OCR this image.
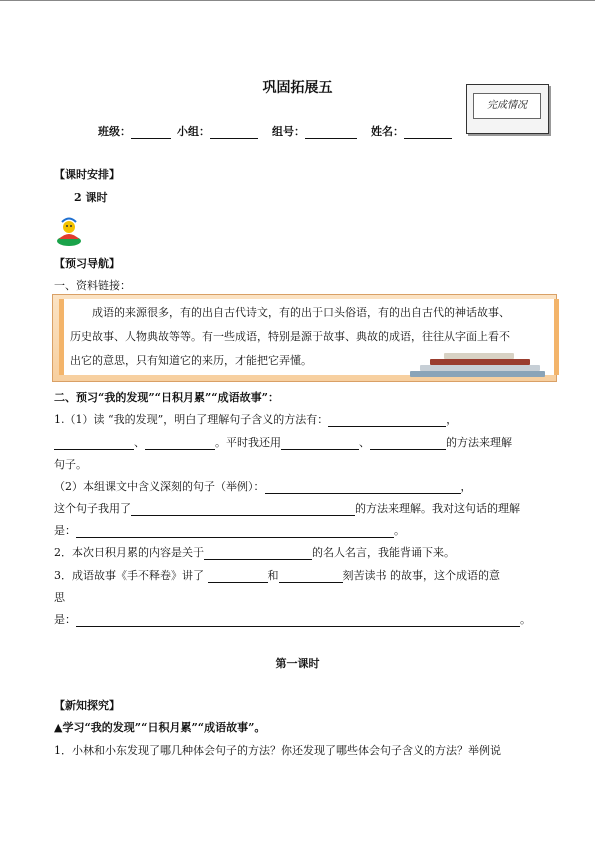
巩固拓展五
完成情况
班级：	小组：	组号：	姓名：
【课时安排】
2 课时
【预习导航】
一、资料链接：
成语的来源很多，有的出自古代诗文，有的出于口头俗语，有的出自古代的神话故事、
历史故事、人物典故等等。有一些成语，特别是源于故事、典故的成语，往往从字面上看不
出它的意思，只有知道它的来历，才能把它弄懂。
二、预习“我的发现”“日积月累”“成语故事”：
1.（1）读 “我的发现”，明白了理解句子含义的方法有：	，
、	。平时我还用	、	的方法来理解
句子。
（2）本组课文中含义深刻的句子（举例）：	，
这个句子我用了	的方法来理解。我对这句话的理解
是：	。
2．本次日积月累的内容是关于	的名人名言，我能背诵下来。
3．成语故事《手不释卷》讲了	和	刻苦读书 的故事，这个成语的意
思
是：	。
第一课时
【新知探究】
▲学习“我的发现”“日积月累”“成语故事”。
1．小林和小东发现了哪几种体会句子的方法？你还发现了哪些体会句子含义的方法？举例说
